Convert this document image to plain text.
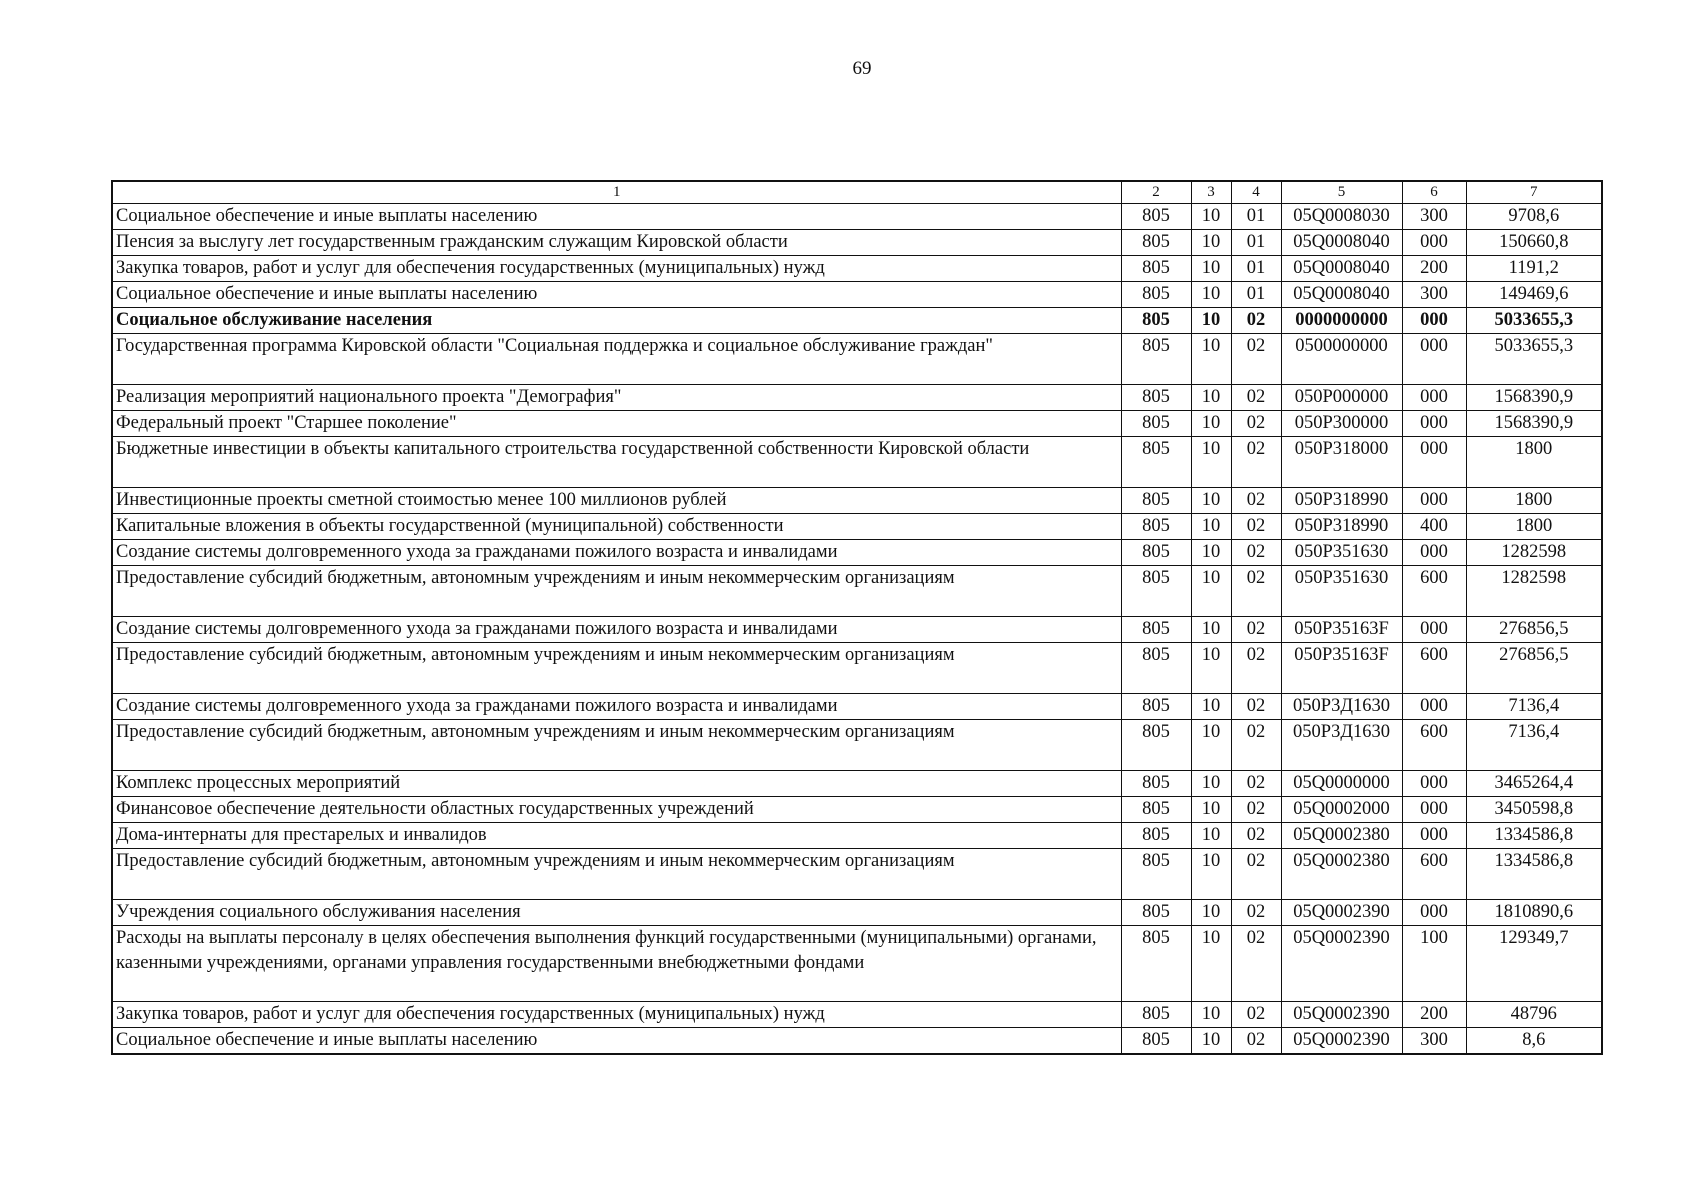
69
1	2	3	4	5	6	7
Социальное обеспечение и иные выплаты населению	805	10	01	05Q0008030	300	9708,6
Пенсия за выслугу лет государственным гражданским служащим Кировской области	805	10	01	05Q0008040	000	150660,8
Закупка товаров, работ и услуг для обеспечения государственных (муниципальных) нужд	805	10	01	05Q0008040	200	1191,2
Социальное обеспечение и иные выплаты населению	805	10	01	05Q0008040	300	149469,6
Социальное обслуживание населения	805	10	02	0000000000	000	5033655,3
Государственная программа Кировской области "Социальная поддержка и социальное обслуживание граждан"	805	10	02	0500000000	000	5033655,3
Реализация мероприятий национального проекта "Демография"	805	10	02	050P000000	000	1568390,9
Федеральный проект "Старшее поколение"	805	10	02	050P300000	000	1568390,9
Бюджетные инвестиции в объекты капитального строительства государственной собственности Кировской области	805	10	02	050P318000	000	1800
Инвестиционные проекты сметной стоимостью менее 100 миллионов рублей	805	10	02	050P318990	000	1800
Капитальные вложения в объекты государственной (муниципальной) собственности	805	10	02	050P318990	400	1800
Создание системы долговременного ухода за гражданами пожилого возраста и инвалидами	805	10	02	050P351630	000	1282598
Предоставление субсидий бюджетным, автономным учреждениям и иным некоммерческим организациям	805	10	02	050P351630	600	1282598
Создание системы долговременного ухода за гражданами пожилого возраста и инвалидами	805	10	02	050P35163F	000	276856,5
Предоставление субсидий бюджетным, автономным учреждениям и иным некоммерческим организациям	805	10	02	050P35163F	600	276856,5
Создание системы долговременного ухода за гражданами пожилого возраста и инвалидами	805	10	02	050P3Д1630	000	7136,4
Предоставление субсидий бюджетным, автономным учреждениям и иным некоммерческим организациям	805	10	02	050P3Д1630	600	7136,4
Комплекс процессных мероприятий	805	10	02	05Q0000000	000	3465264,4
Финансовое обеспечение деятельности областных государственных учреждений	805	10	02	05Q0002000	000	3450598,8
Дома-интернаты для престарелых и инвалидов	805	10	02	05Q0002380	000	1334586,8
Предоставление субсидий бюджетным, автономным учреждениям и иным некоммерческим организациям	805	10	02	05Q0002380	600	1334586,8
Учреждения социального обслуживания населения	805	10	02	05Q0002390	000	1810890,6
Расходы на выплаты персоналу в целях обеспечения выполнения функций государственными (муниципальными) органами, казенными учреждениями, органами управления государственными внебюджетными фондами	805	10	02	05Q0002390	100	129349,7
Закупка товаров, работ и услуг для обеспечения государственных (муниципальных) нужд	805	10	02	05Q0002390	200	48796
Социальное обеспечение и иные выплаты населению	805	10	02	05Q0002390	300	8,6
